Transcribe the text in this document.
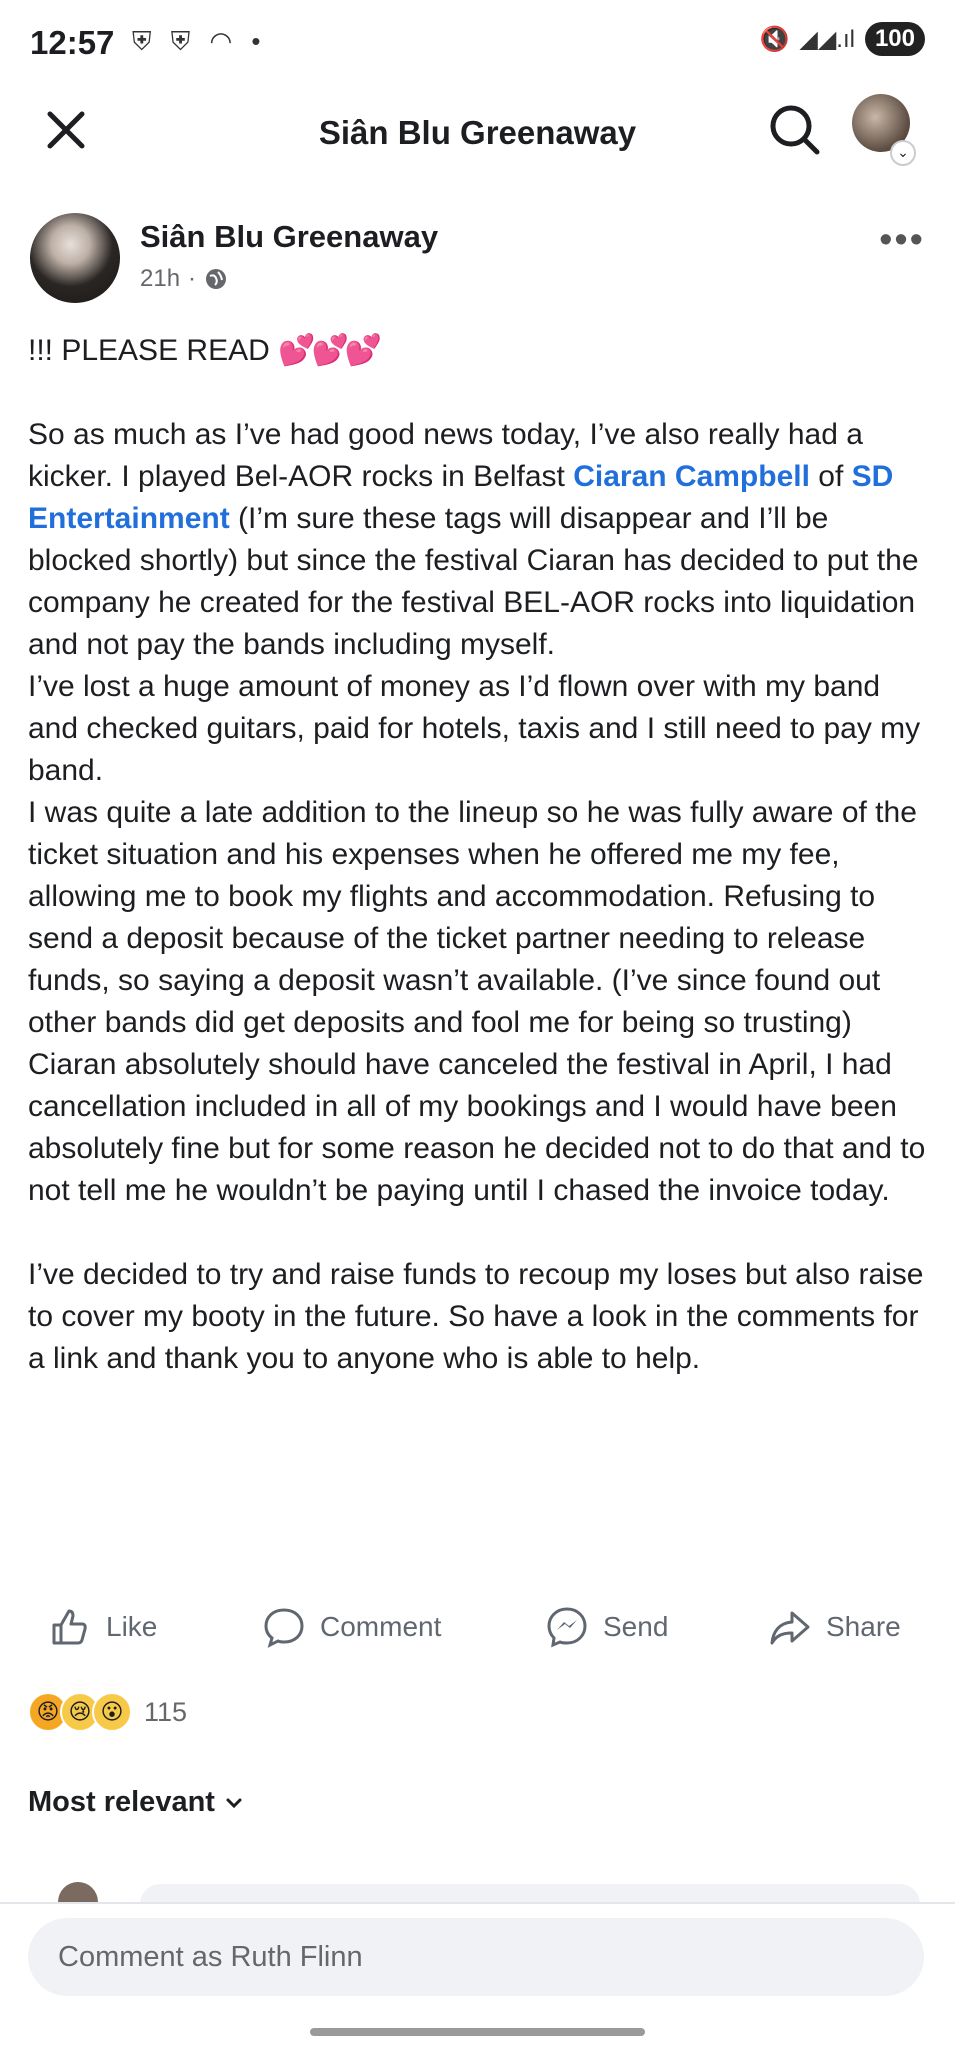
12:57 ⛨ ⛨ ◠ •	🔇 ◢◢.ıl 100
Siân Blu Greenaway
⌄
Siân Blu Greenaway
21h ·
•••

!!! PLEASE READ 💕💕💕

So as much as I’ve had good news today, I’ve also really had a kicker. I played Bel-AOR rocks in Belfast Ciaran Campbell of SD Entertainment (I’m sure these tags will disappear and I’ll be blocked shortly) but since the festival Ciaran has decided to put the company he created for the festival BEL-AOR rocks into liquidation and not pay the bands including myself.

I’ve lost a huge amount of money as I’d flown over with my band and checked guitars, paid for hotels, taxis and I still need to pay my band.

I was quite a late addition to the lineup so he was fully aware of the ticket situation and his expenses when he offered me my fee, allowing me to book my flights and accommodation. Refusing to send a deposit because of the ticket partner needing to release funds, so saying a deposit wasn’t available. (I’ve since found out other bands did get deposits and fool me for being so trusting)

Ciaran absolutely should have canceled the festival in April, I had cancellation included in all of my bookings and I would have been absolutely fine but for some reason he decided not to do that and to not tell me he wouldn’t be paying until I chased the invoice today.

I’ve decided to try and raise funds to recoup my loses but also raise to cover my booty in the future. So have a look in the comments for a link and thank you to anyone who is able to help.

Like	Comment	Send	Share
😡 😢 😮 115
Most relevant
Comment as Ruth Flinn
